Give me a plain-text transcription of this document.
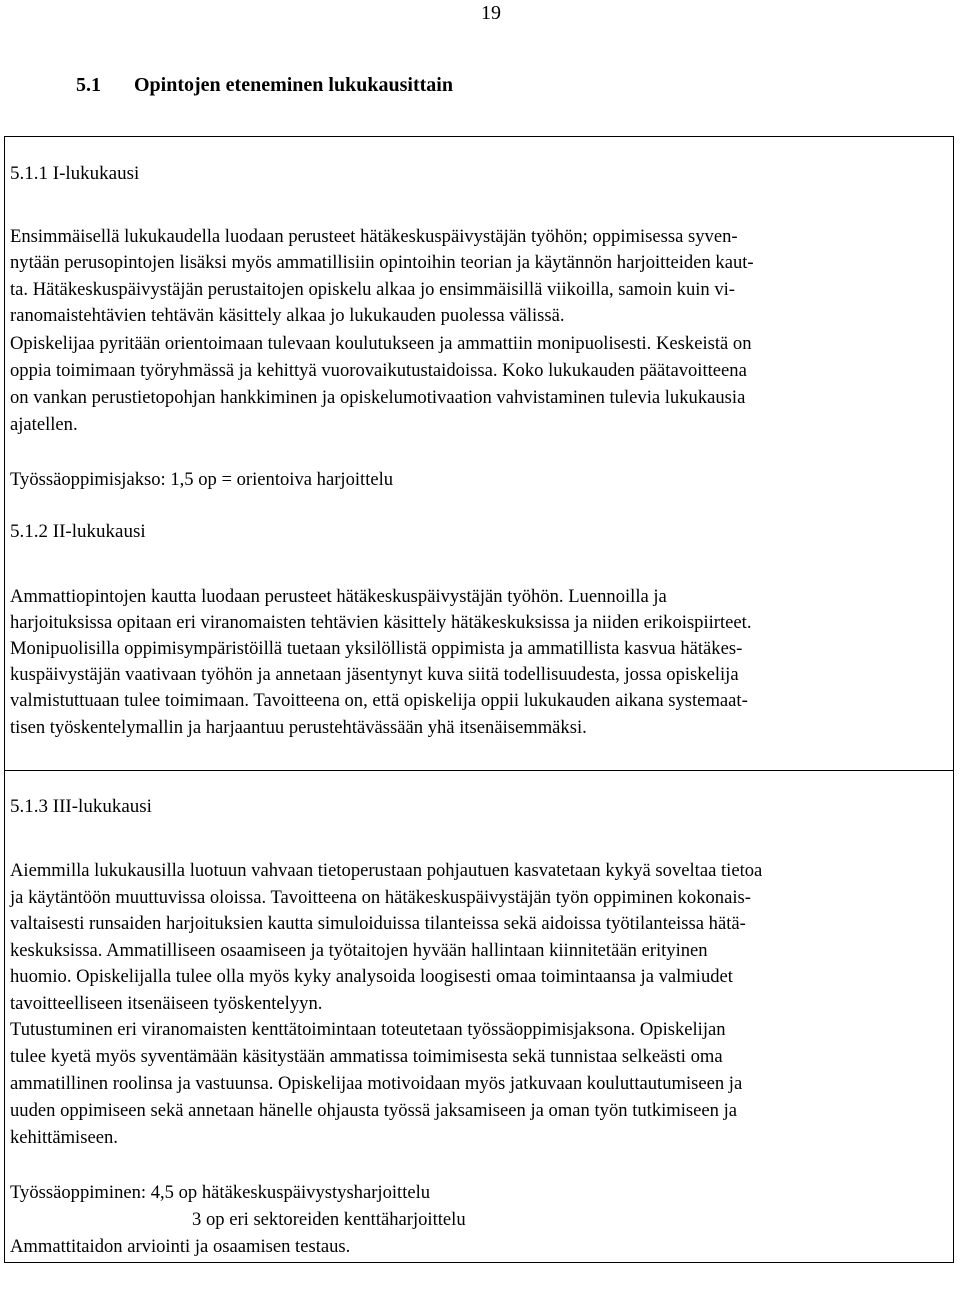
19
5.1 Opintojen eteneminen lukukausittain
5.1.1 I-lukukausi
Ensimmäisellä lukukaudella luodaan perusteet hätäkeskuspäivystäjän työhön; oppimisessa syven-
nytään perusopintojen lisäksi myös ammatillisiin opintoihin teorian ja käytännön harjoitteiden kaut-
ta. Hätäkeskuspäivystäjän perustaitojen opiskelu alkaa jo ensimmäisillä viikoilla, samoin kuin vi-
ranomaistehtävien tehtävän käsittely alkaa jo lukukauden puolessa välissä.
Opiskelijaa pyritään orientoimaan tulevaan koulutukseen ja ammattiin monipuolisesti. Keskeistä on
oppia toimimaan työryhmässä ja kehittyä vuorovaikutustaidoissa. Koko lukukauden päätavoitteena
on vankan perustietopohjan hankkiminen ja opiskelumotivaation vahvistaminen tulevia lukukausia
ajatellen.
Työssäoppimisjakso: 1,5 op = orientoiva harjoittelu
5.1.2 II-lukukausi
Ammattiopintojen kautta luodaan perusteet hätäkeskuspäivystäjän työhön. Luennoilla ja
harjoituksissa opitaan eri viranomaisten tehtävien käsittely hätäkeskuksissa ja niiden erikoispiirteet.
Monipuolisilla oppimisympäristöillä tuetaan yksilöllistä oppimista ja ammatillista kasvua hätäkes-
kuspäivystäjän vaativaan työhön ja annetaan jäsentynyt kuva siitä todellisuudesta, jossa opiskelija
valmistuttuaan tulee toimimaan. Tavoitteena on, että opiskelija oppii lukukauden aikana systemaat-
tisen työskentelymallin ja harjaantuu perustehtävässään yhä itsenäisemmäksi.
5.1.3 III-lukukausi
Aiemmilla lukukausilla luotuun vahvaan tietoperustaan pohjautuen kasvatetaan kykyä soveltaa tietoa
ja käytäntöön muuttuvissa oloissa. Tavoitteena on hätäkeskuspäivystäjän työn oppiminen kokonais-
valtaisesti runsaiden harjoituksien kautta simuloiduissa tilanteissa sekä aidoissa työtilanteissa hätä-
keskuksissa. Ammatilliseen osaamiseen ja työtaitojen hyvään hallintaan kiinnitetään erityinen
huomio. Opiskelijalla tulee olla myös kyky analysoida loogisesti omaa toimintaansa ja valmiudet
tavoitteelliseen itsenäiseen työskentelyyn.
Tutustuminen eri viranomaisten kenttätoimintaan toteutetaan työssäoppimisjaksona. Opiskelijan
tulee kyetä myös syventämään käsitystään ammatissa toimimisesta sekä tunnistaa selkeästi oma
ammatillinen roolinsa ja vastuunsa. Opiskelijaa motivoidaan myös jatkuvaan kouluttautumiseen ja
uuden oppimiseen sekä annetaan hänelle ohjausta työssä jaksamiseen ja oman työn tutkimiseen ja
kehittämiseen.
Työssäoppiminen: 4,5 op hätäkeskuspäivystysharjoittelu
3 op eri sektoreiden kenttäharjoittelu
Ammattitaidon arviointi ja osaamisen testaus.
